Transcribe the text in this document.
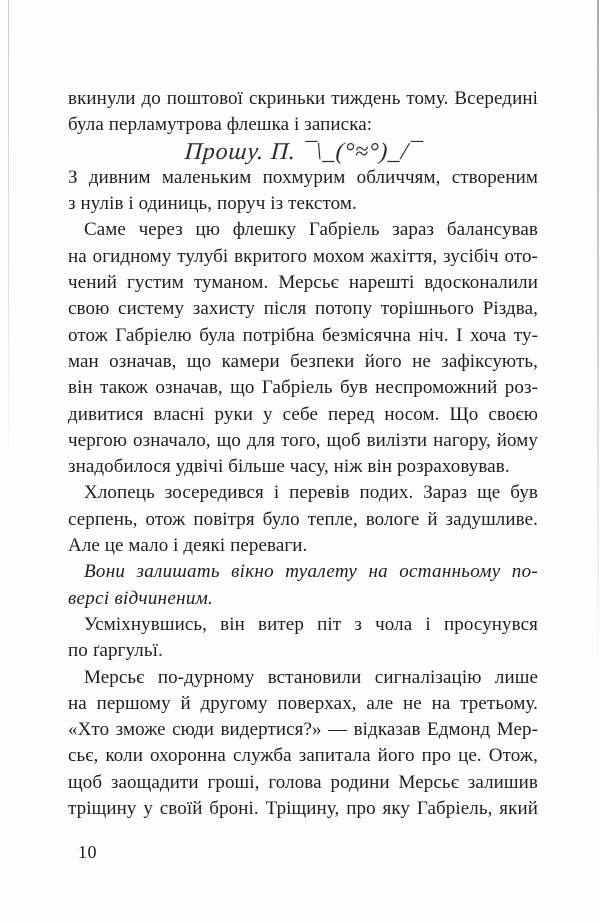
вкинули до поштової скриньки тиждень тому. Всередині
була перламутрова флешка і записка:
Прошу. П. ¯\_(°≈°)_/¯
З дивним маленьким похмурим обличчям, створеним
з нулів і одиниць, поруч із текстом.
Саме через цю флешку Габріель зараз балансував
на огидному тулубі вкритого мохом жахіття, зусібіч ото-
чений густим туманом. Мерсьє нарешті вдосконалили
свою систему захисту після потопу торішнього Різдва,
отож Габріелю була потрібна безмісячна ніч. І хоча ту-
ман означав, що камери безпеки його не зафіксують,
він також означав, що Габріель був неспроможний роз-
дивитися власні руки у себе перед носом. Що своєю
чергою означало, що для того, щоб вилізти нагору, йому
знадобилося удвічі більше часу, ніж він розраховував.
Хлопець зосередився і перевів подих. Зараз ще був
серпень, отож повітря було тепле, вологе й задушливе.
Але це мало і деякі переваги.
Вони залишать вікно туалету на останньому по-
версі відчиненим.
Усміхнувшись, він витер піт з чола і просунувся
по ґаргульї.
Мерсьє по-дурному встановили сигналізацію лише
на першому й другому поверхах, але не на третьому.
«Хто зможе сюди видертися?» — відказав Едмонд Мер-
сьє, коли охоронна служба запитала його про це. Отож,
щоб заощадити гроші, голова родини Мерсьє залишив
тріщину у своїй броні. Тріщину, про яку Габріель, який
10
